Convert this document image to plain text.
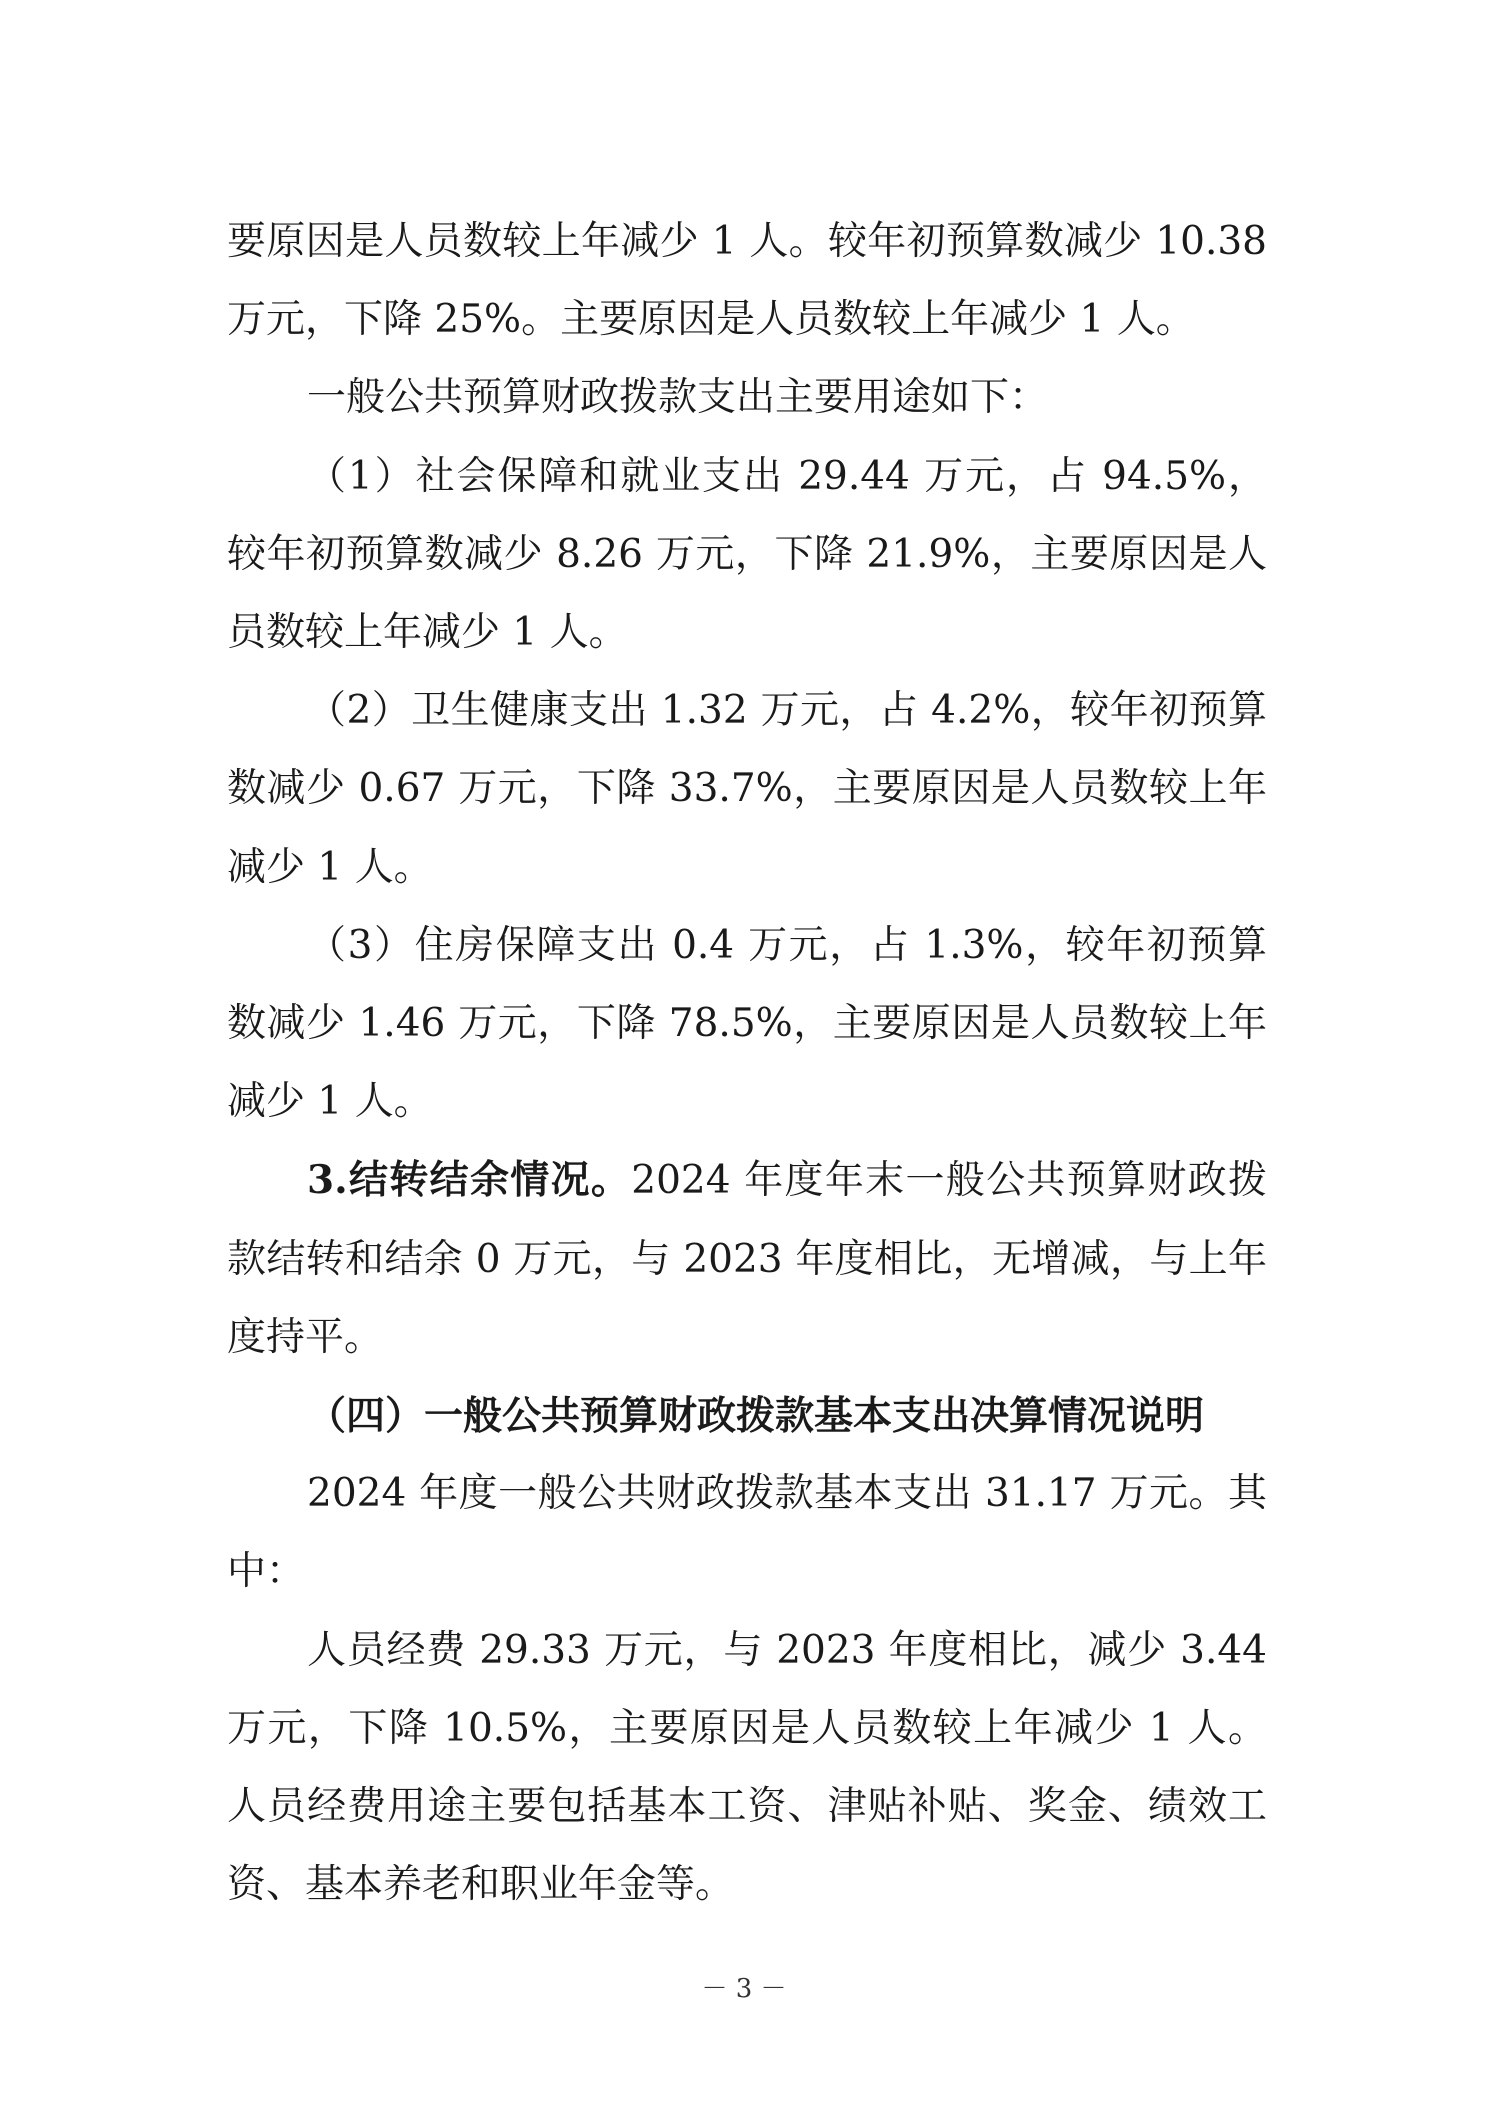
要原因是人员数较上年减少 1 人。较年初预算数减少 10.38 万元，下降 25%。主要原因是人员数较上年减少 1 人。

一般公共预算财政拨款支出主要用途如下：

（1）社会保障和就业支出 29.44 万元，占 94.5%，较年初预算数减少 8.26 万元，下降 21.9%，主要原因是人员数较上年减少 1 人。

（2）卫生健康支出 1.32 万元，占 4.2%，较年初预算数减少 0.67 万元，下降 33.7%，主要原因是人员数较上年减少 1 人。

（3）住房保障支出 0.4 万元，占 1.3%，较年初预算数减少 1.46 万元，下降 78.5%，主要原因是人员数较上年减少 1 人。

3.结转结余情况。2024 年度年末一般公共预算财政拨款结转和结余 0 万元，与 2023 年度相比，无增减，与上年度持平。

（四）一般公共预算财政拨款基本支出决算情况说明

2024 年度一般公共财政拨款基本支出 31.17 万元。其中：

人员经费 29.33 万元，与 2023 年度相比，减少 3.44 万元，下降 10.5%，主要原因是人员数较上年减少 1 人。人员经费用途主要包括基本工资、津贴补贴、奖金、绩效工资、基本养老和职业年金等。

－ 3 －
